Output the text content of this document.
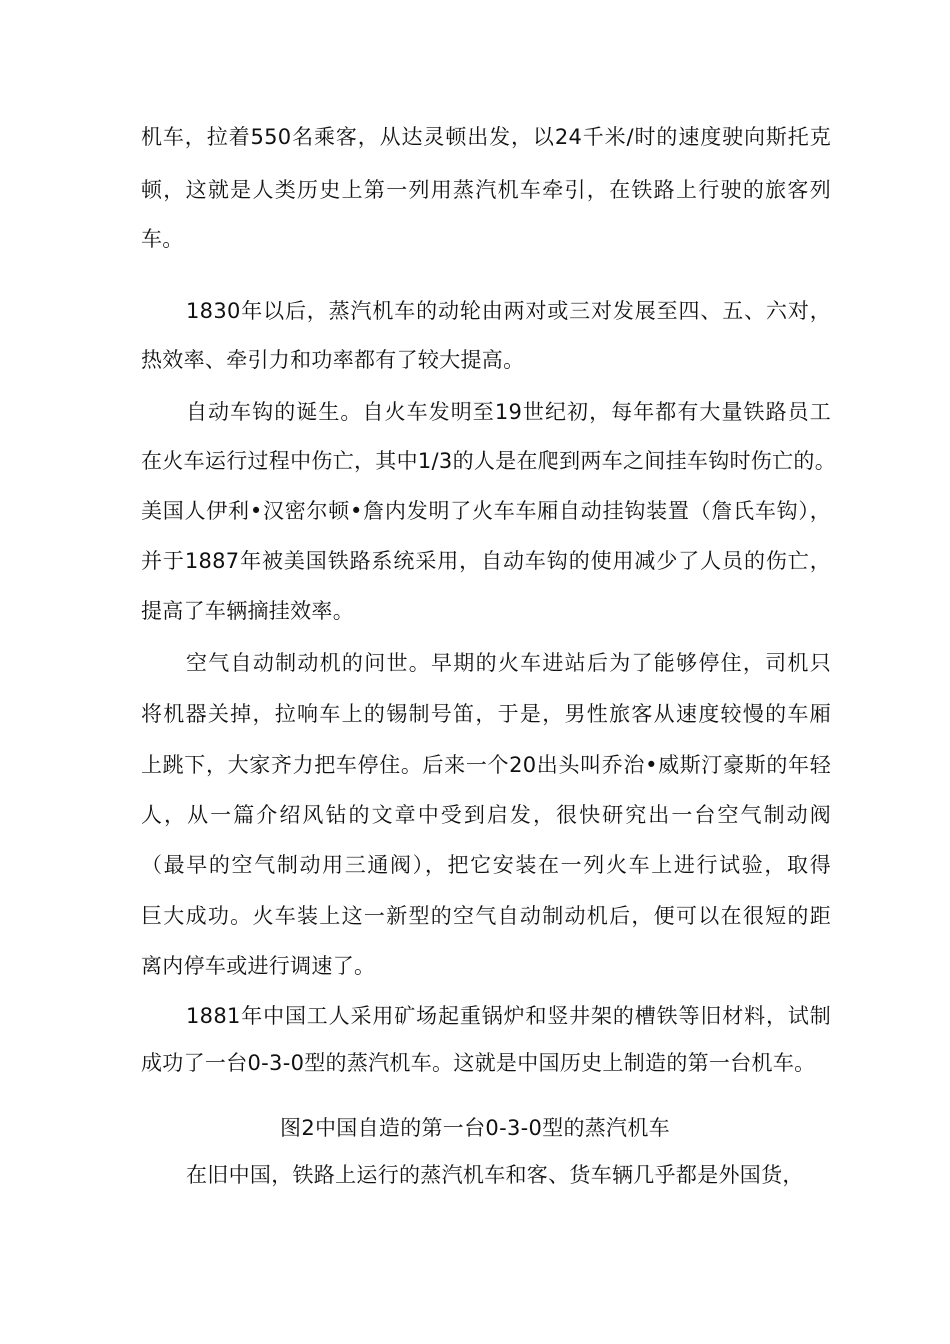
机车，拉着550名乘客，从达灵顿出发，以24千米/时的速度驶向斯托克
顿，这就是人类历史上第一列用蒸汽机车牵引，在铁路上行驶的旅客列
车。
1830年以后，蒸汽机车的动轮由两对或三对发展至四、五、六对，
热效率、牵引力和功率都有了较大提高。
自动车钩的诞生。自火车发明至19世纪初，每年都有大量铁路员工
在火车运行过程中伤亡，其中1/3的人是在爬到两车之间挂车钩时伤亡的。
美国人伊利•汉密尔顿•詹内发明了火车车厢自动挂钩装置（詹氏车钩），
并于1887年被美国铁路系统采用，自动车钩的使用减少了人员的伤亡，
提高了车辆摘挂效率。
空气自动制动机的问世。早期的火车进站后为了能够停住，司机只
将机器关掉，拉响车上的锡制号笛，于是，男性旅客从速度较慢的车厢
上跳下，大家齐力把车停住。后来一个20出头叫乔治•威斯汀豪斯的年轻
人，从一篇介绍风钻的文章中受到启发，很快研究出一台空气制动阀
（最早的空气制动用三通阀），把它安装在一列火车上进行试验，取得
巨大成功。火车装上这一新型的空气自动制动机后，便可以在很短的距
离内停车或进行调速了。
1881年中国工人采用矿场起重锅炉和竖井架的槽铁等旧材料，试制
成功了一台0-3-0型的蒸汽机车。这就是中国历史上制造的第一台机车。
图2中国自造的第一台0-3-0型的蒸汽机车
在旧中国，铁路上运行的蒸汽机车和客、货车辆几乎都是外国货，
